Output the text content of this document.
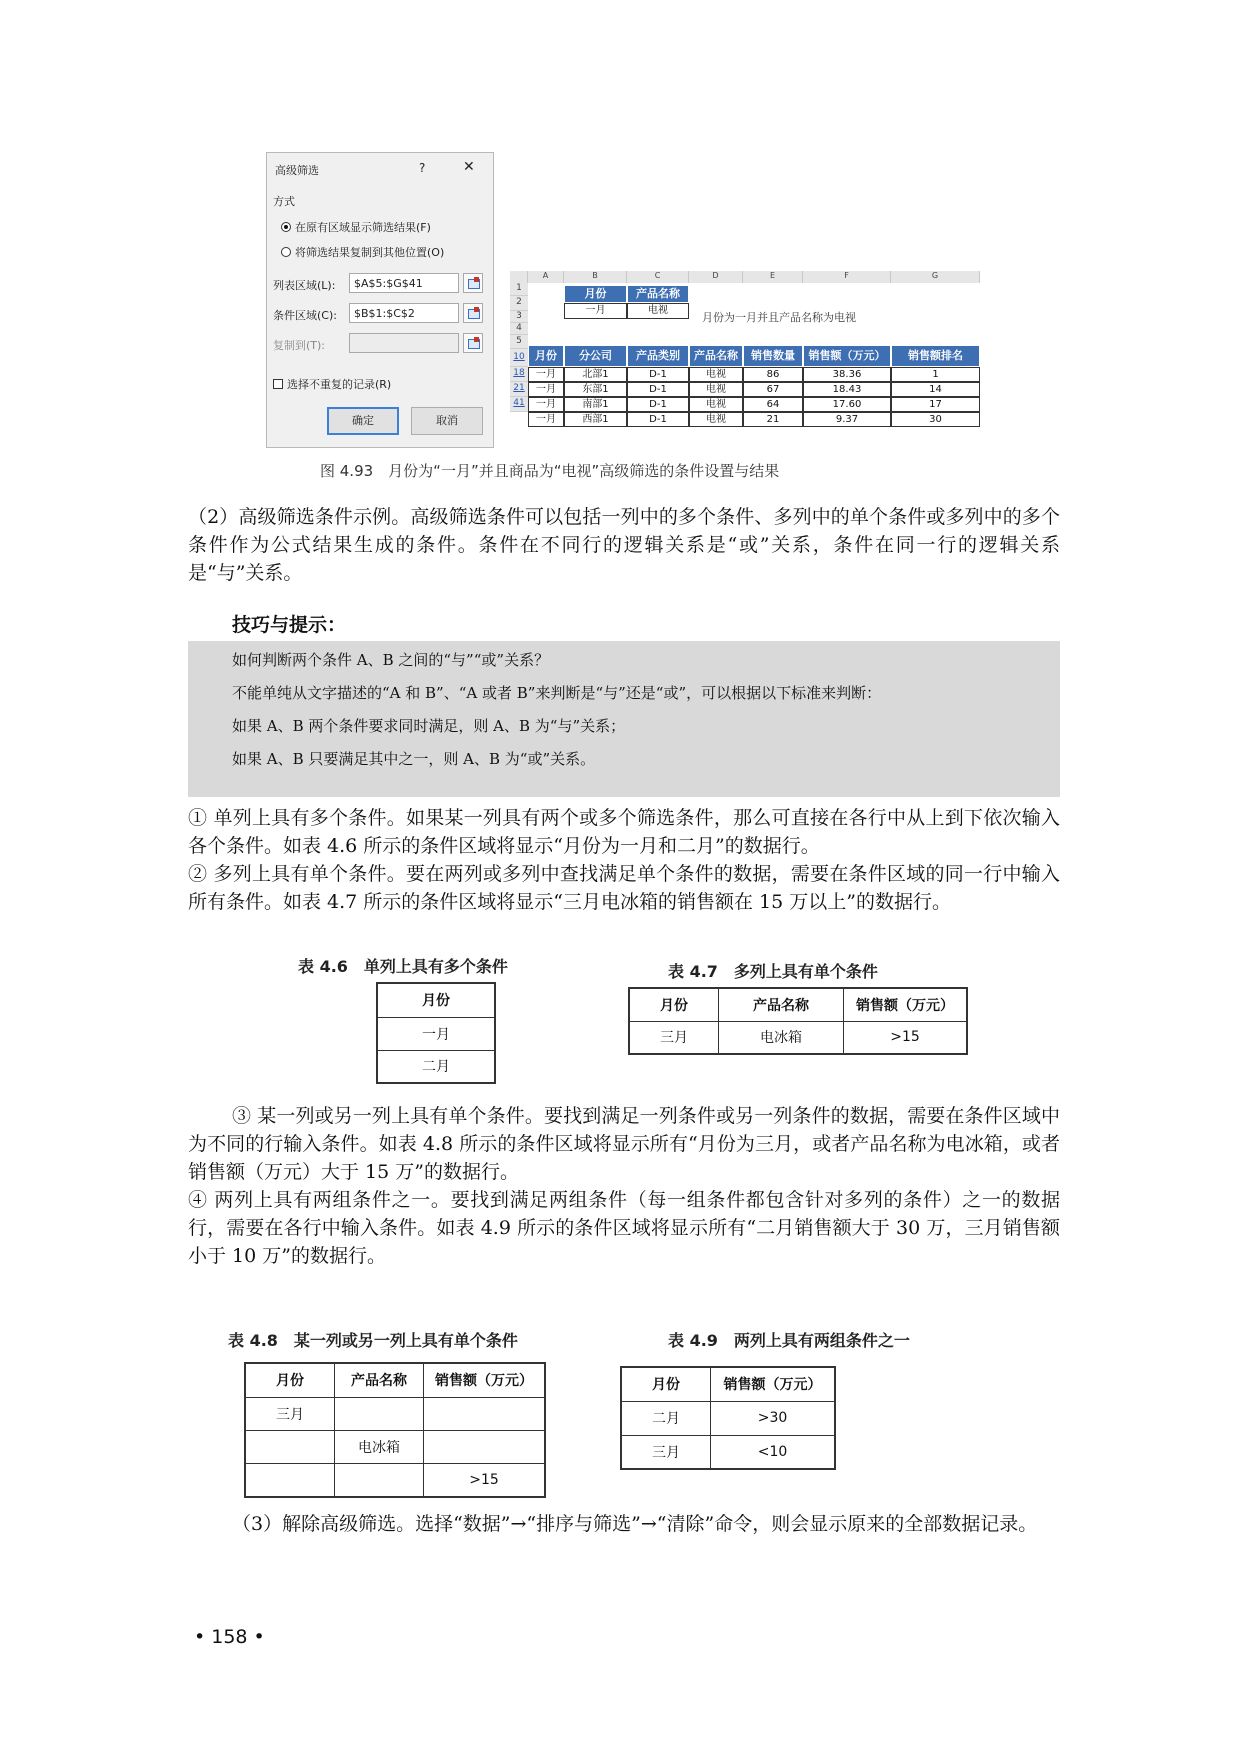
高级筛选	?	✕
方式
在原有区域显示筛选结果(F)
将筛选结果复制到其他位置(O)
列表区域(L):	$A$5:$G$41
条件区域(C):	$B$1:$C$2
复制到(T):
选择不重复的记录(R)
确定	取消
月份为一月并且产品名称为电视
A	B	C	D	E	F	G
1
2
3
4
5
10
18
21
41
月份	产品名称
一月	电视
月份	分公司	产品类别	产品名称	销售数量	销售额（万元）	销售额排名
一月	北部1	D-1	电视	86	38.36	1
一月	东部1	D-1	电视	67	18.43	14
一月	南部1	D-1	电视	64	17.60	17
一月	西部1	D-1	电视	21	9.37	30
图 4.93　月份为“一月”并且商品为“电视”高级筛选的条件设置与结果

（2）高级筛选条件示例。高级筛选条件可以包括一列中的多个条件、多列中的单个条件或多列中的多个条件作为公式结果生成的条件。条件在不同行的逻辑关系是“或”关系，条件在同一行的逻辑关系是“与”关系。

技巧与提示：
如何判断两个条件 A、B 之间的“与”“或”关系？
不能单纯从文字描述的“A 和 B”、“A 或者 B”来判断是“与”还是“或”，可以根据以下标准来判断：
如果 A、B 两个条件要求同时满足，则 A、B 为“与”关系；
如果 A、B 只要满足其中之一，则 A、B 为“或”关系。

① 单列上具有多个条件。如果某一列具有两个或多个筛选条件，那么可直接在各行中从上到下依次输入各个条件。如表 4.6 所示的条件区域将显示“月份为一月和二月”的数据行。

② 多列上具有单个条件。要在两列或多列中查找满足单个条件的数据，需要在条件区域的同一行中输入所有条件。如表 4.7 所示的条件区域将显示“三月电冰箱的销售额在 15 万以上”的数据行。

表 4.6　单列上具有多个条件
月份
一月
二月
表 4.7　多列上具有单个条件
月份	产品名称	销售额（万元）
三月	电冰箱	>15

③ 某一列或另一列上具有单个条件。要找到满足一列条件或另一列条件的数据，需要在条件区域中为不同的行输入条件。如表 4.8 所示的条件区域将显示所有“月份为三月，或者产品名称为电冰箱，或者销售额（万元）大于 15 万”的数据行。

④ 两列上具有两组条件之一。要找到满足两组条件（每一组条件都包含针对多列的条件）之一的数据行，需要在各行中输入条件。如表 4.9 所示的条件区域将显示所有“二月销售额大于 30 万，三月销售额小于 10 万”的数据行。

表 4.8　某一列或另一列上具有单个条件
月份	产品名称	销售额（万元）
三月		
	电冰箱	
		>15
表 4.9　两列上具有两组条件之一
月份	销售额（万元）
二月	>30
三月	<10

（3）解除高级筛选。选择“数据”→“排序与筛选”→“清除”命令，则会显示原来的全部数据记录。

• 158 •
